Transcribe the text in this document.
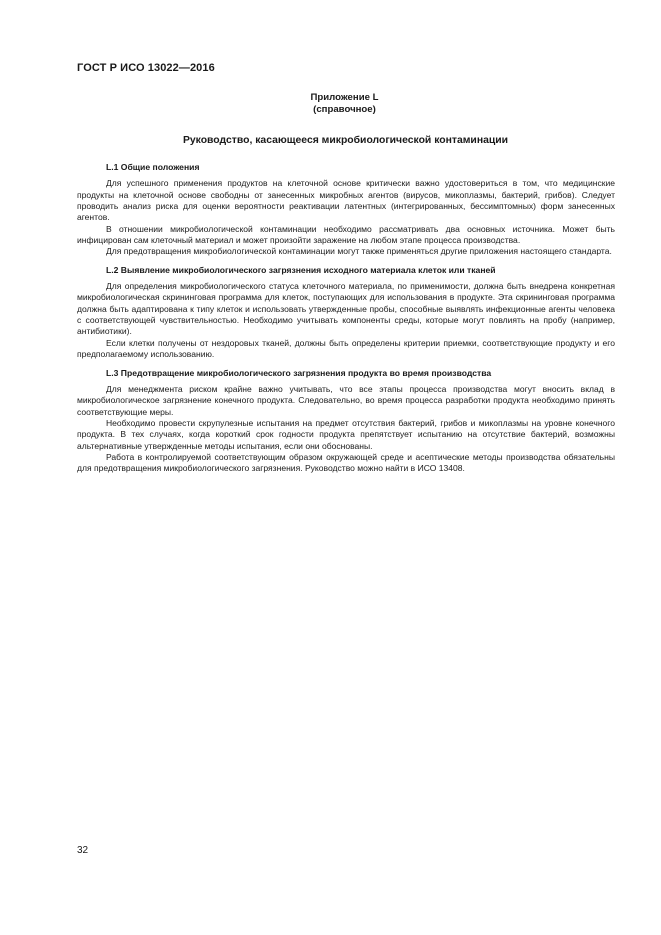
ГОСТ Р ИСО 13022—2016
Приложение L
(справочное)
Руководство, касающееся микробиологической контаминации
L.1 Общие положения

Для успешного применения продуктов на клеточной основе критически важно удостовериться в том, что медицинские продукты на клеточной основе свободны от занесенных микробных агентов (вирусов, микоплазмы, бактерий, грибов). Следует проводить анализ риска для оценки вероятности реактивации латентных (интегрированных, бессимптомных) форм занесенных агентов.

В отношении микробиологической контаминации необходимо рассматривать два основных источника. Может быть инфицирован сам клеточный материал и может произойти заражение на любом этапе процесса производства.

Для предотвращения микробиологической контаминации могут также применяться другие приложения настоящего стандарта.

L.2 Выявление микробиологического загрязнения исходного материала клеток или тканей

Для определения микробиологического статуса клеточного материала, по применимости, должна быть внедрена конкретная микробиологическая скрининговая программа для клеток, поступающих для использования в продукте. Эта скрининговая программа должна быть адаптирована к типу клеток и использовать утвержденные пробы, способные выявлять инфекционные агенты человека с соответствующей чувствительностью. Необходимо учитывать компоненты среды, которые могут повлиять на пробу (например, антибиотики).

Если клетки получены от нездоровых тканей, должны быть определены критерии приемки, соответствующие продукту и его предполагаемому использованию.

L.3 Предотвращение микробиологического загрязнения продукта во время производства

Для менеджмента риском крайне важно учитывать, что все этапы процесса производства могут вносить вклад в микробиологическое загрязнение конечного продукта. Следовательно, во время процесса разработки продукта необходимо принять соответствующие меры.

Необходимо провести скрупулезные испытания на предмет отсутствия бактерий, грибов и микоплазмы на уровне конечного продукта. В тех случаях, когда короткий срок годности продукта препятствует испытанию на отсутствие бактерий, возможны альтернативные утвержденные методы испытания, если они обоснованы.

Работа в контролируемой соответствующим образом окружающей среде и асептические методы производства обязательны для предотвращения микробиологического загрязнения. Руководство можно найти в ИСО 13408.

32
